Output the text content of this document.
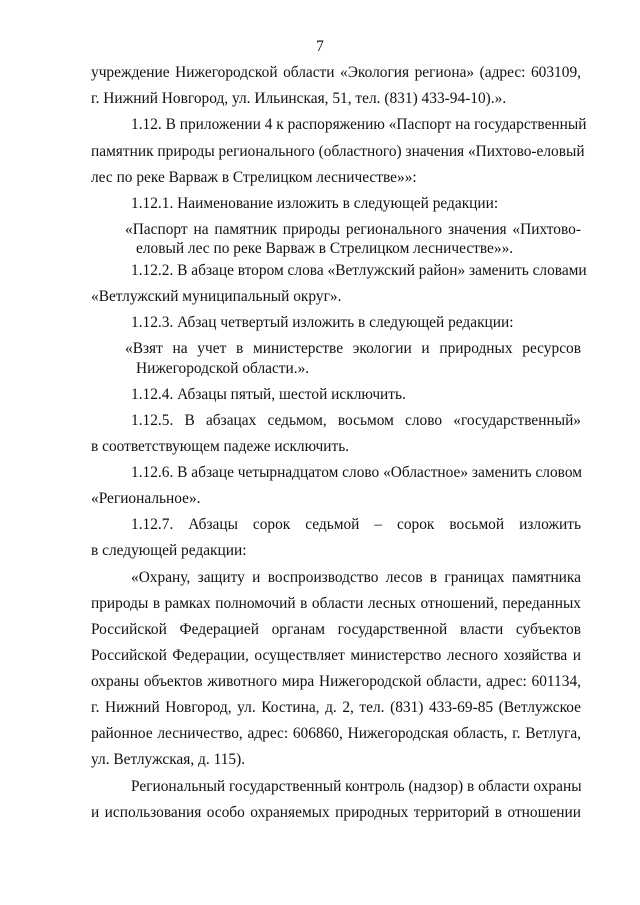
7
учреждение Нижегородской области «Экология региона» (адрес: 603109,
г. Нижний Новгород, ул. Ильинская, 51, тел. (831) 433-94-10).».
1.12. В приложении 4 к распоряжению «Паспорт на государственный
памятник природы регионального (областного) значения «Пихтово-еловый
лес по реке Варваж в Стрелицком лесничестве»»:
1.12.1. Наименование изложить в следующей редакции:
«Паспорт на памятник природы регионального значения «Пихтово-
еловый лес по реке Варваж в Стрелицком лесничестве»».
1.12.2. В абзаце втором слова «Ветлужский район» заменить словами
«Ветлужский муниципальный округ».
1.12.3. Абзац четвертый изложить в следующей редакции:
«Взят на учет в министерстве экологии и природных ресурсов
Нижегородской области.».
1.12.4. Абзацы пятый, шестой исключить.
1.12.5. В абзацах седьмом, восьмом слово «государственный»
в соответствующем падеже исключить.
1.12.6. В абзаце четырнадцатом слово «Областное» заменить словом
«Региональное».
1.12.7. Абзацы сорок седьмой – сорок восьмой изложить
в следующей редакции:
«Охрану, защиту и воспроизводство лесов в границах памятника
природы в рамках полномочий в области лесных отношений, переданных
Российской Федерацией органам государственной власти субъектов
Российской Федерации, осуществляет министерство лесного хозяйства и
охраны объектов животного мира Нижегородской области, адрес: 601134,
г. Нижний Новгород, ул. Костина, д. 2, тел. (831) 433-69-85 (Ветлужское
районное лесничество, адрес: 606860, Нижегородская область, г. Ветлуга,
ул. Ветлужская, д. 115).
Региональный государственный контроль (надзор) в области охраны
и использования особо охраняемых природных территорий в отношении
